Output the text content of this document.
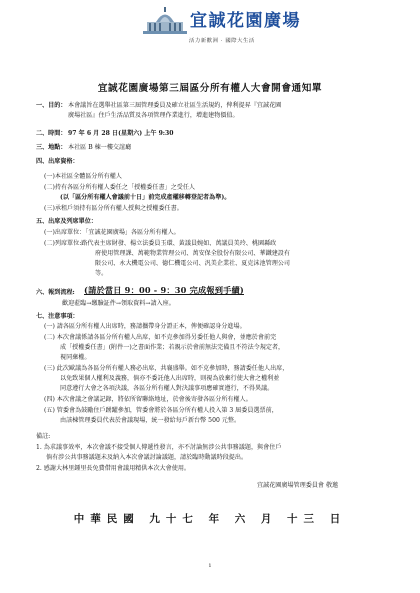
宜誠花園廣場
活力新歡洲 · 國際大生活
宜誠花園廣場第三屆區分所有權人大會開會通知單
一、目的： 本會議旨在選舉社區第三屆管理委員及確立社區生活規約，俾利提昇『宜誠花園
廣場社區』住戶生活品質及各項管理作業進行，增進建物價值。
二、時間： 97 年 6 月 28 日(星期六) 上午 9:30
三、地點： 本社區 B 棟一樓交誼廳
四、出席資格：
(一)本社區全體區分所有權人
(二)持有各區分所有權人委任之「授權委任書」之受任人
(以「區分所有權人會議前十日」前完成產權移轉登記者為準)。
(三)承租戶須持有區分所有權人授與之授權委任書。
五、出席及列席單位：
(一)出席單位：「宜誠花園廣場」各區分所有權人。
(二)列席單位:路代表主席財發、楊立法委員玉環、黃議員婉如、萬議員美玲、桃園縣政
府使用管理課、萬範物業管理公司、萬安保全股份有限公司、華鐵建設有
限公司、永大機電公司、德仁機電公司、汎美企業社、夏克沫池管理公司
等。
六、報到流程: (請於當日 9：00 - 9：30 完成報到手續)
歡迎蒞臨→繳驗証件→領取資料→請入座。
七、注意事項：
(一) 請各區分所有權人出席時，務請攜帶身分證正本，俾便確認身分進場。
(二) 本次會議係請各區分所有權人出席，如不克參加得另委任他人與會，並應於會前完
成「授權委任書」(附件一)之書面作業；若親示於會前無法完備且不符法令規定者，
視同棄權。
(三) 此次歐議為各區分所有權人務必出席，共襄盛舉。如不克參加時，務請委任他人出席，
以免致果個人權利及義務，倘亦不委託他人出席時，則視為放棄行使大會之權利並
同意遵行大會之各項決議，各區分所有權人對決議事項應確實遵行，不得異議。
(四) 本次會議之會議記錄，將依所留聯絡地址，於會後寄發各區分所有權人。
(五) 管委會為鼓勵住戶踴躍參加，管委會將於各區分所有權人投入第 3 屆委員選票前，
由該棟管理委員代表於會議現場，統一發給每戶新台幣 500 元整。
備註:
1. 為求議事效率，本次會議不接受個人傳遞性發言，亦不討論無涉公共事務議題，與會住戶
倘有涉公共事務議題未及納入本次會議討論議題，請於臨時動議時段提出。
2. 感謝大林里鍾里長免費借用會議用精供本次大會使用。
宜誠花園廣場管理委員會 敬邀
中華民國 九十七 年 六 月 十三 日
1
